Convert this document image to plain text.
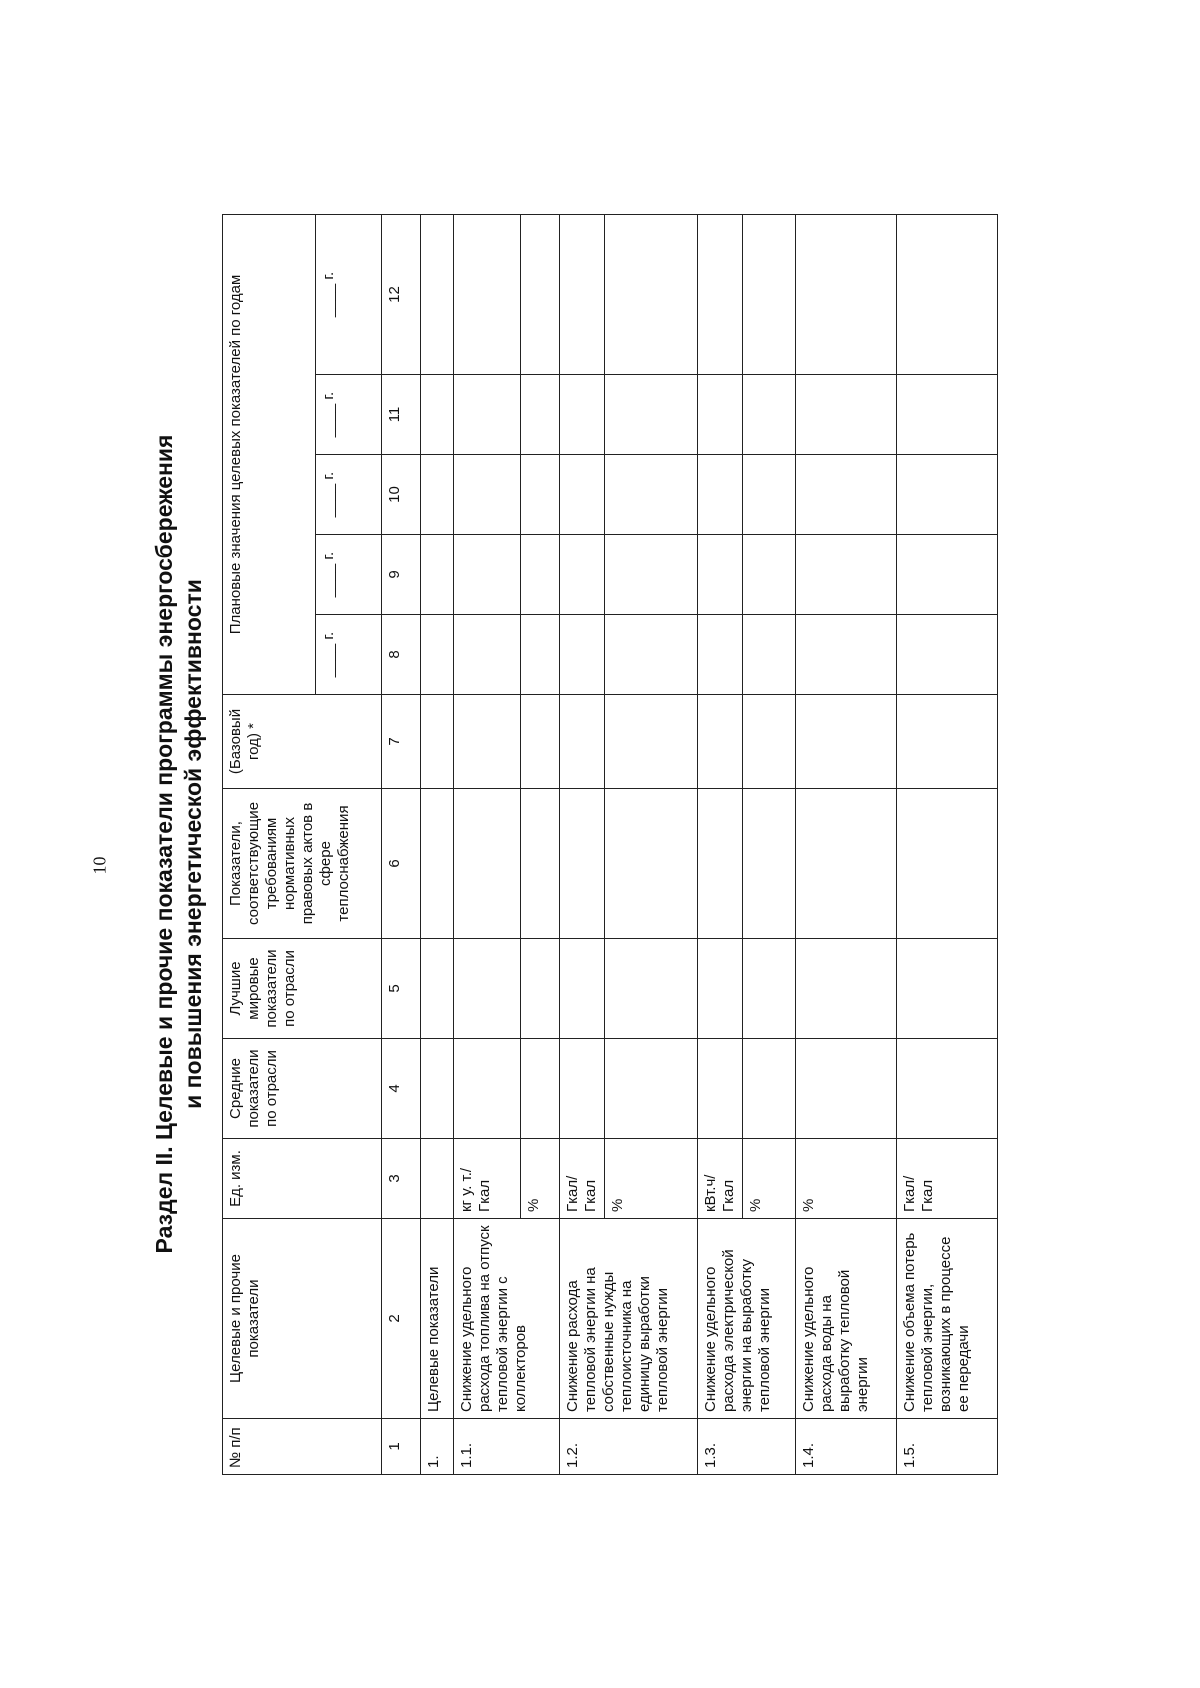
10 Раздел II. Целевые и прочие показатели программы энергосбережения и повышения энергетической эффективности
№ п/п	Целевые и прочие показатели	Ед. изм.	Средние показатели по отрасли	Лучшие мировые показатели по отрасли	Показатели, соответствующие требованиям нормативных правовых актов в сфере теплоснабжения	(Базовый год) *	Плановые значения целевых показателей по годам				
							____ г.	____ г.	____ г.	____ г.	____ г.
1	2	3	4	5	6	7	8	9	10	11	12
1.	Целевые показатели										
1.1.	Снижение удельного расхода топлива на отпуск тепловой энергии с коллекторов	кг у. т./Гкал									
		%									
1.2.	Снижение расхода тепловой энергии на собственные нужды теплоисточника на единицу выработки тепловой энергии	Гкал/Гкал									
		%									
1.3.	Снижение удельного расхода электрической энергии на выработку тепловой энергии	кВт.ч/Гкал									
		%									
1.4.	Снижение удельного расхода воды на выработку тепловой энергии	%									
1.5.	Снижение объема потерь тепловой энергии, возникающих в процессе ее передачи	Гкал/Гкал									
